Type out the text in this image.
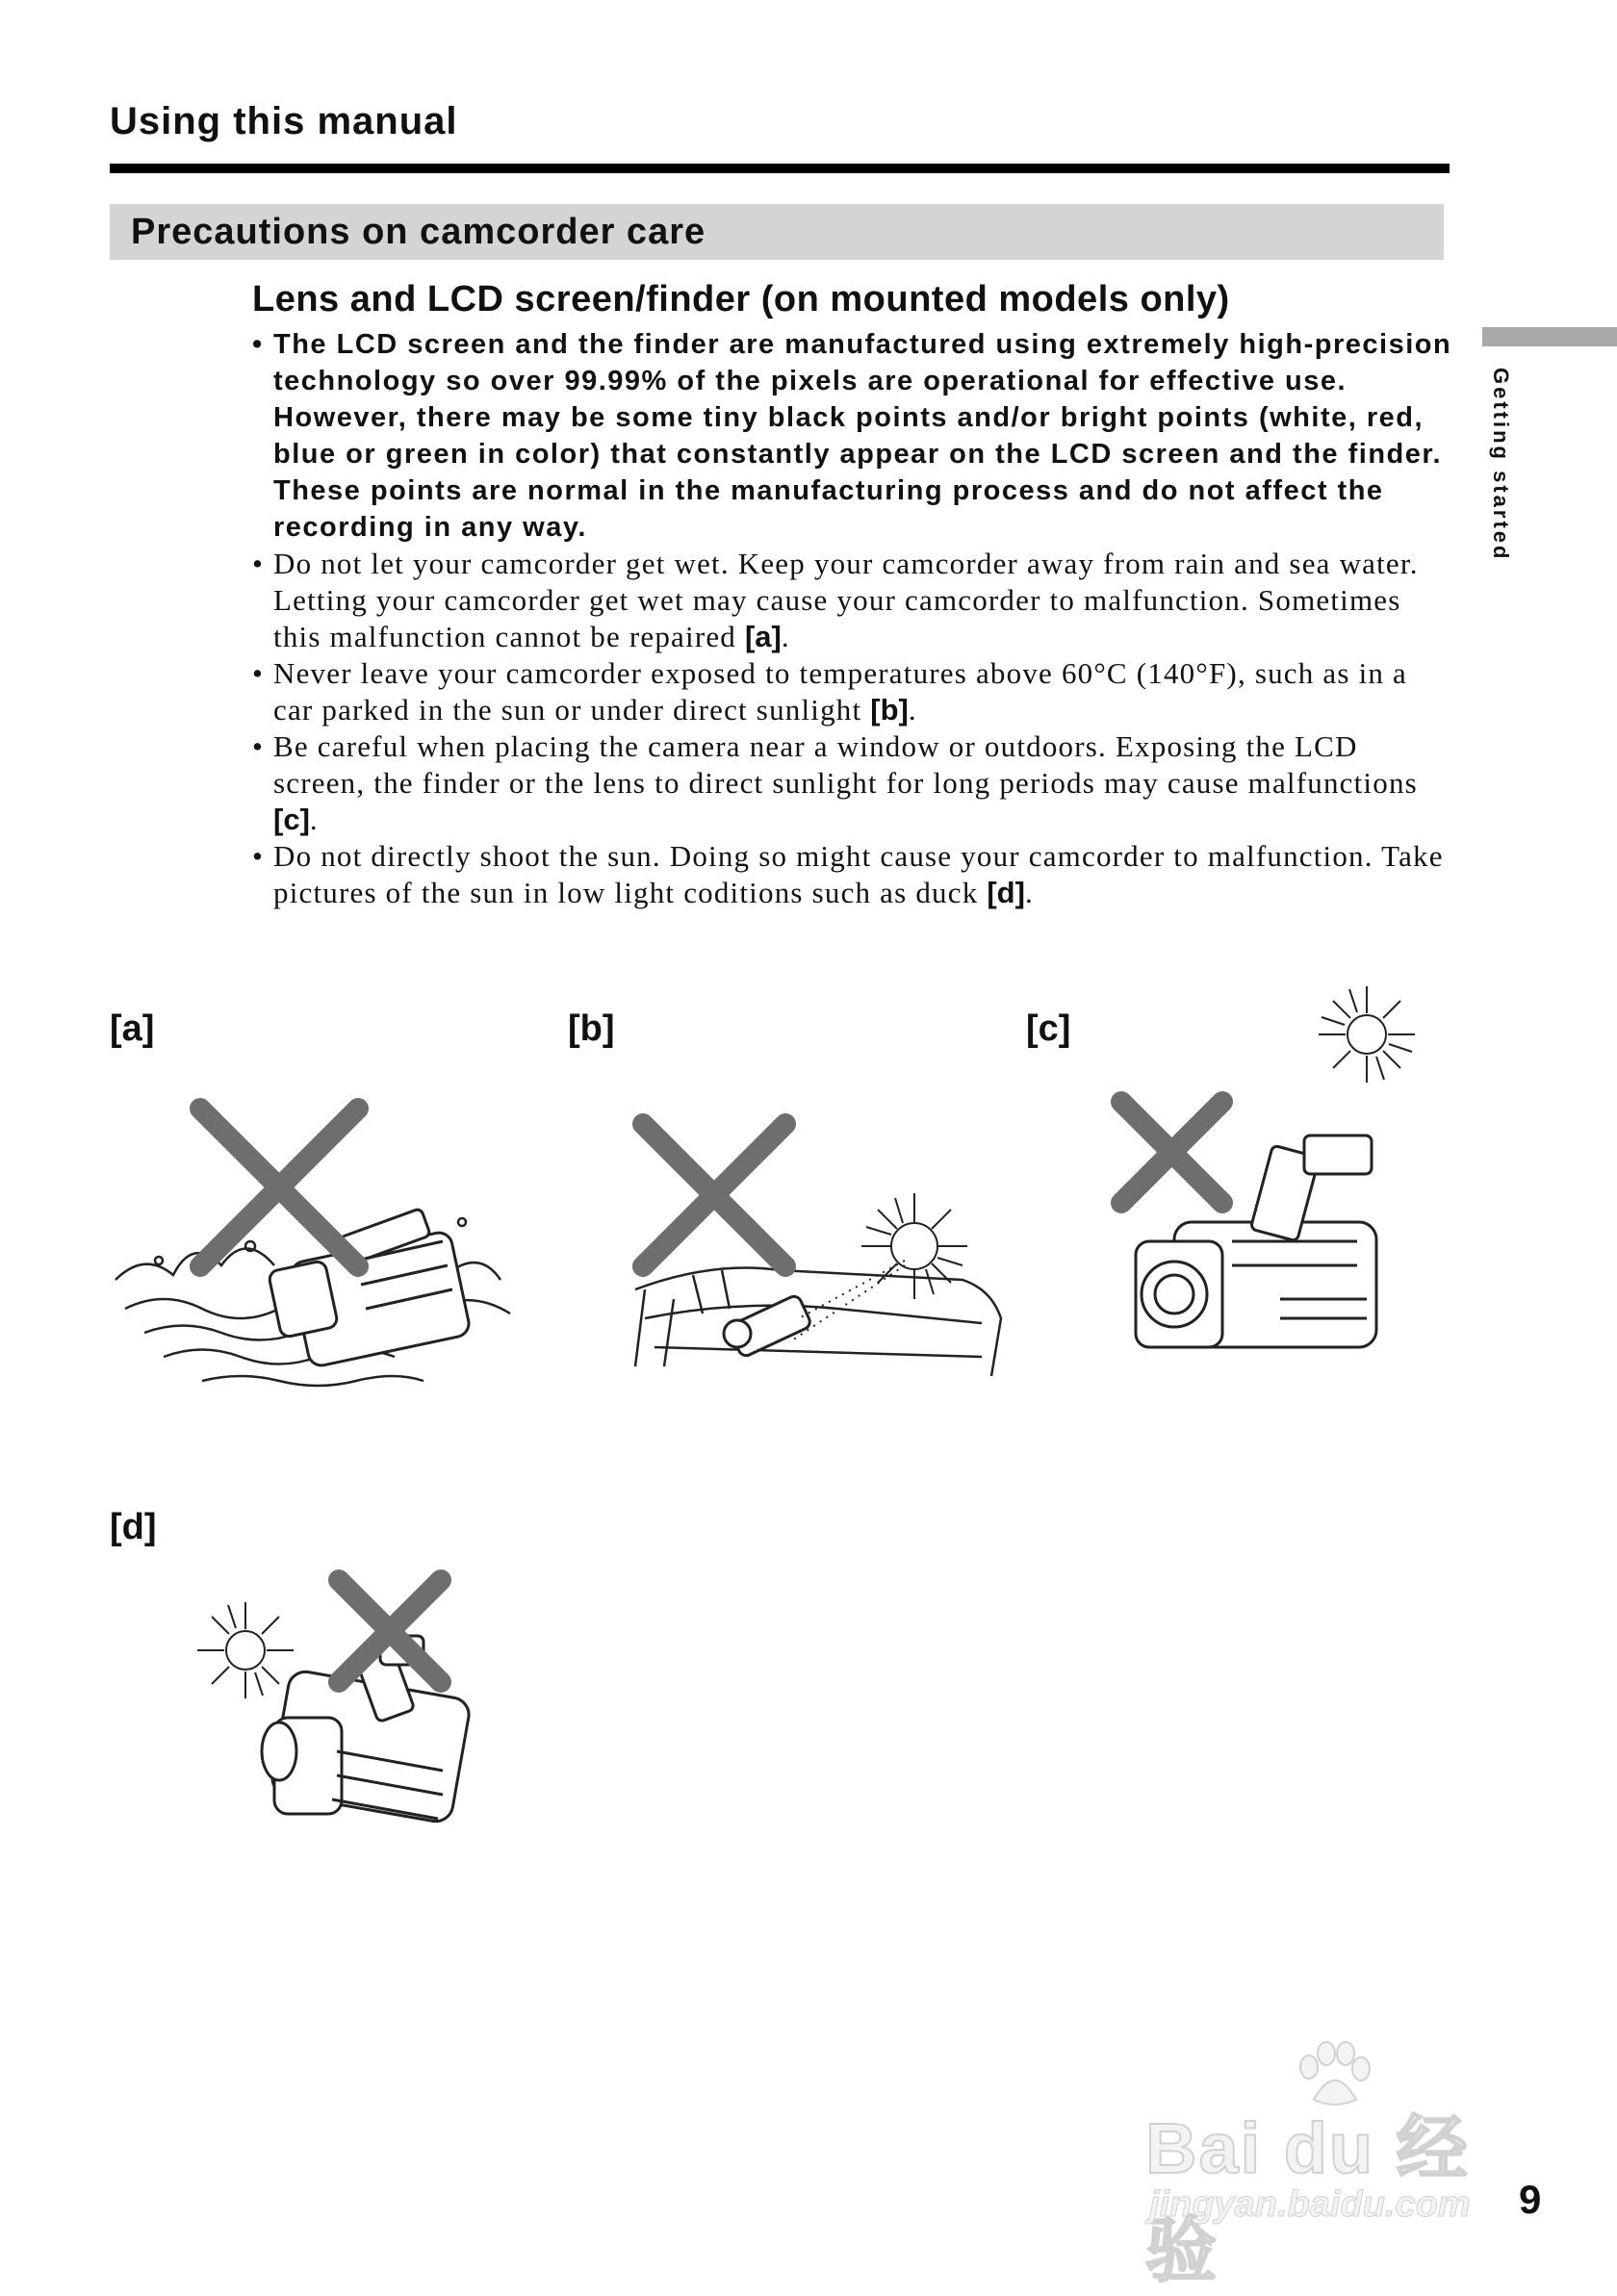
Using this manual
Precautions on camcorder care
Getting started
Lens and LCD screen/finder (on mounted models only)
• The LCD screen and the finder are manufactured using extremely high-precision technology so over 99.99% of the pixels are operational for effective use. However, there may be some tiny black points and/or bright points (white, red, blue or green in color) that constantly appear on the LCD screen and the finder. These points are normal in the manufacturing process and do not affect the recording in any way.
• Do not let your camcorder get wet. Keep your camcorder away from rain and sea water. Letting your camcorder get wet may cause your camcorder to malfunction. Sometimes this malfunction cannot be repaired [a].
• Never leave your camcorder exposed to temperatures above 60°C (140°F), such as in a car parked in the sun or under direct sunlight [b].
• Be careful when placing the camera near a window or outdoors. Exposing the LCD screen, the finder or the lens to direct sunlight for long periods may cause malfunctions [c].
• Do not directly shoot the sun. Doing so might cause your camcorder to malfunction. Take pictures of the sun in low light coditions such as duck [d].
[a]	[b]	[c]
[d]
Bai du 经验
jingyan.baidu.com 9
